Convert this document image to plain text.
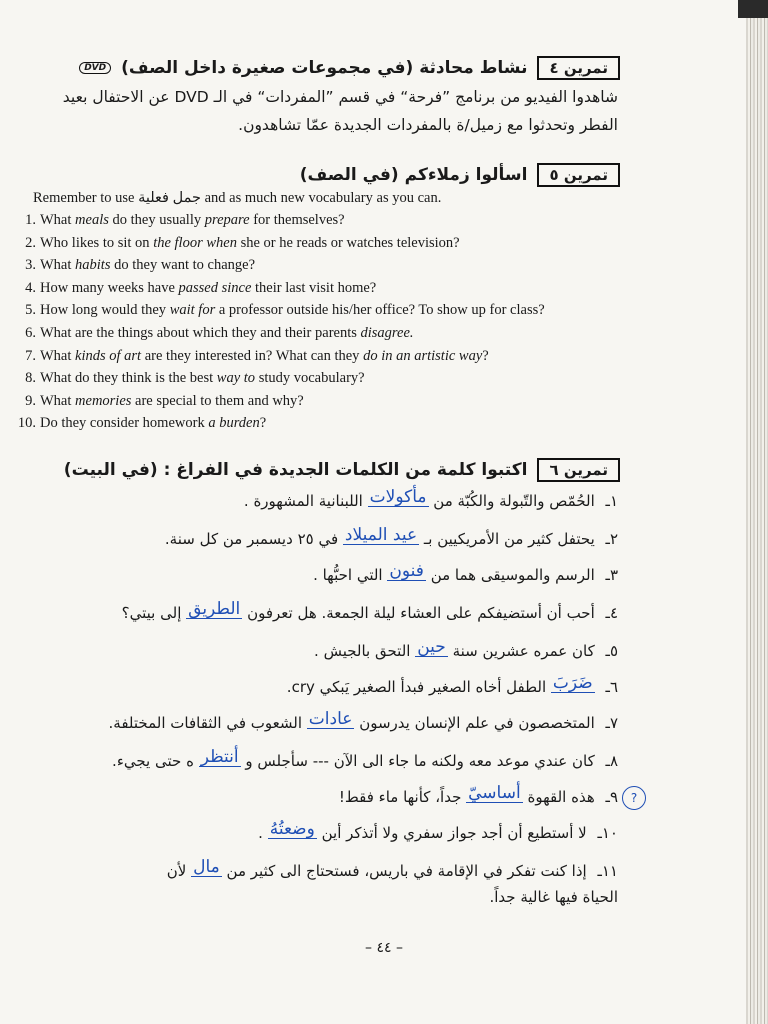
تمرين ٤
نشاط محادثة (في مجموعات صغيرة داخل الصف)
DVD
شاهدوا الفيديو من برنامج ”فرحة“ في قسم ”المفردات“ في الـ DVD عن الاحتفال بعيد
الفطر وتحدثوا مع زميل/ة بالمفردات الجديدة عمّا تشاهدون.
تمرين ٥
اسألوا زملاءكم (في الصف)
Remember to use جمل فعلية and as much new vocabulary as you can.
1. What meals do they usually prepare for themselves?
2. Who likes to sit on the floor when she or he reads or watches television?
3. What habits do they want to change?
4. How many weeks have passed since their last visit home?
5. How long would they wait for a professor outside his/her office? To show up for class?
6. What are the things about which they and their parents disagree.
7. What kinds of art are they interested in? What can they do in an artistic way?
8. What do they think is the best way to study vocabulary?
9. What memories are special to them and why?
10. Do they consider homework a burden?
تمرين ٦
اكتبوا كلمة من الكلمات الجديدة في الفراغ : (في البيت)
١ـ الحُمّص والتّبولة والكُبّة من مأكولات اللبنانية المشهورة .
٢ـ يحتفل كثير من الأمريكيين بـ عيد الميلاد في ٢٥ ديسمبر من كل سنة.
٣ـ الرسم والموسيقى هما من فنون التي احبُّها .
٤ـ أحب أن أستضيفكم على العشاء ليلة الجمعة. هل تعرفون الطريق إلى بيتي؟
٥ـ كان عمره عشرين سنة حين التحق بالجيش .
٦ـ ضَرَبَ الطفل أخاه الصغير فبدأ الصغير يَبكي cry.
٧ـ المتخصصون في علم الإنسان يدرسون عادات الشعوب في الثقافات المختلفة.
٨ـ كان عندي موعد معه ولكنه ما جاء الى الآن --- سأجلس و أنتظر ه حتى يجيء.
٩ـ هذه القهوة أساسيّ جداً، كأنها ماء فقط!
١٠ـ لا أستطيع أن أجد جواز سفري ولا أتذكر أين وضعتُهُ .
١١ـ إذا كنت تفكر في الإقامة في باريس، فستحتاج الى كثير من مال لأن
الحياة فيها غالية جداً.
?
– ٤٤ –
